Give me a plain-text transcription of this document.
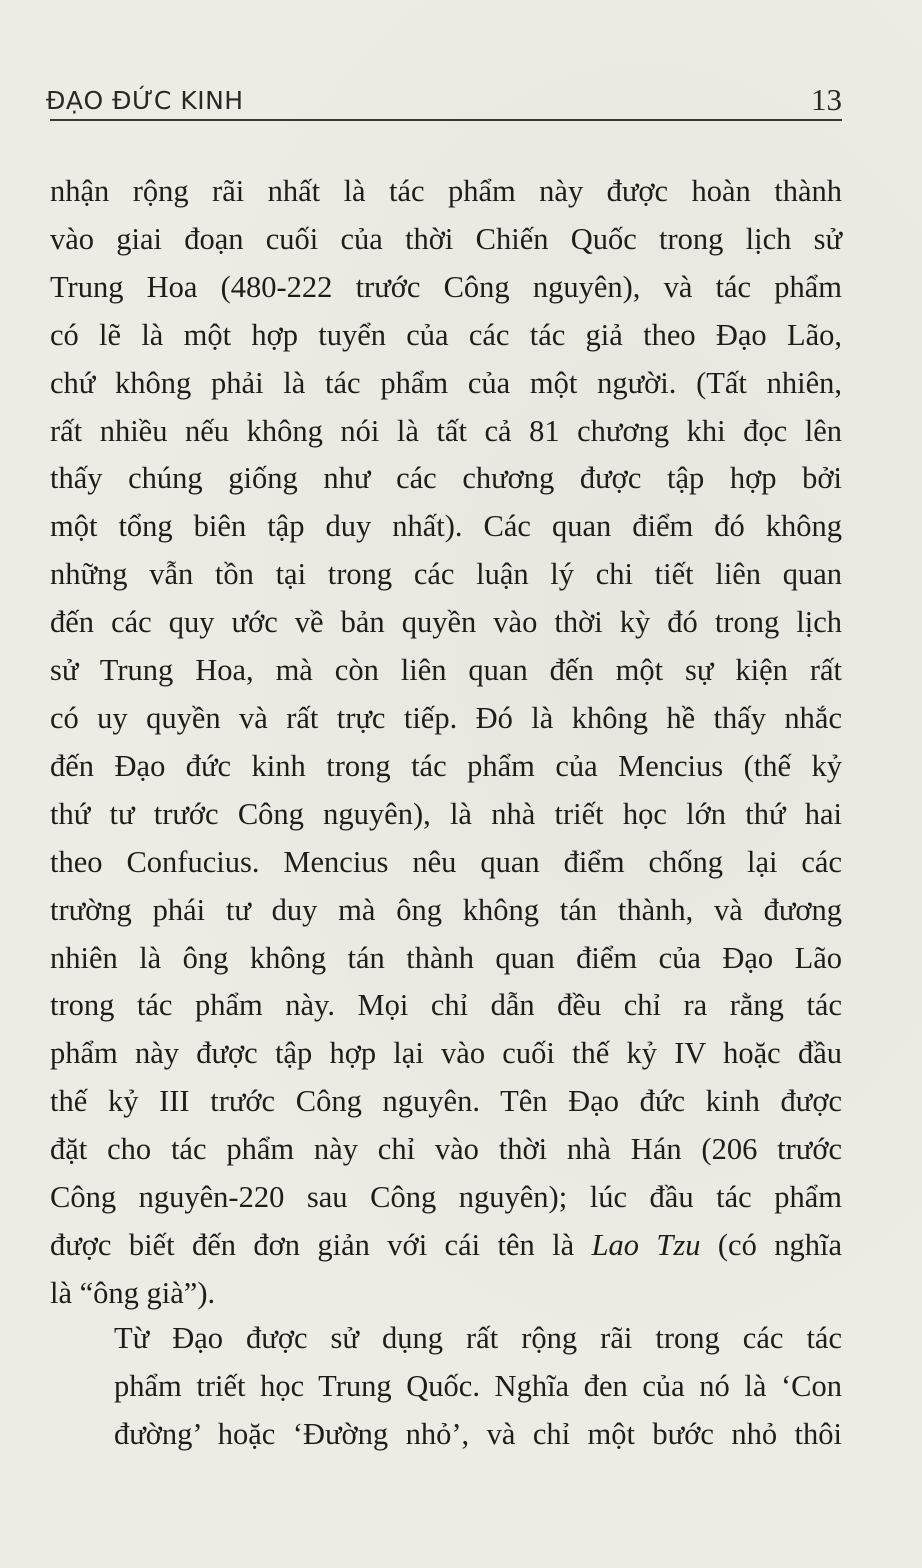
ĐẠO ĐỨC KINH	13

nhận rộng rãi nhất là tác phẩm này được hoàn thành
vào giai đoạn cuối của thời Chiến Quốc trong lịch sử
Trung Hoa (480-222 trước Công nguyên), và tác phẩm
có lẽ là một hợp tuyển của các tác giả theo Đạo Lão,
chứ không phải là tác phẩm của một người. (Tất nhiên,
rất nhiều nếu không nói là tất cả 81 chương khi đọc lên
thấy chúng giống như các chương được tập hợp bởi
một tổng biên tập duy nhất). Các quan điểm đó không
những vẫn tồn tại trong các luận lý chi tiết liên quan
đến các quy ước về bản quyền vào thời kỳ đó trong lịch
sử Trung Hoa, mà còn liên quan đến một sự kiện rất
có uy quyền và rất trực tiếp. Đó là không hề thấy nhắc
đến Đạo đức kinh trong tác phẩm của Mencius (thế kỷ
thứ tư trước Công nguyên), là nhà triết học lớn thứ hai
theo Confucius. Mencius nêu quan điểm chống lại các
trường phái tư duy mà ông không tán thành, và đương
nhiên là ông không tán thành quan điểm của Đạo Lão
trong tác phẩm này. Mọi chỉ dẫn đều chỉ ra rằng tác
phẩm này được tập hợp lại vào cuối thế kỷ IV hoặc đầu
thế kỷ III trước Công nguyên. Tên Đạo đức kinh được
đặt cho tác phẩm này chỉ vào thời nhà Hán (206 trước
Công nguyên-220 sau Công nguyên); lúc đầu tác phẩm
được biết đến đơn giản với cái tên là Lao Tzu (có nghĩa
là “ông già”).

Từ Đạo được sử dụng rất rộng rãi trong các tác
phẩm triết học Trung Quốc. Nghĩa đen của nó là ‘Con
đường’ hoặc ‘Đường nhỏ’, và chỉ một bước nhỏ thôi
